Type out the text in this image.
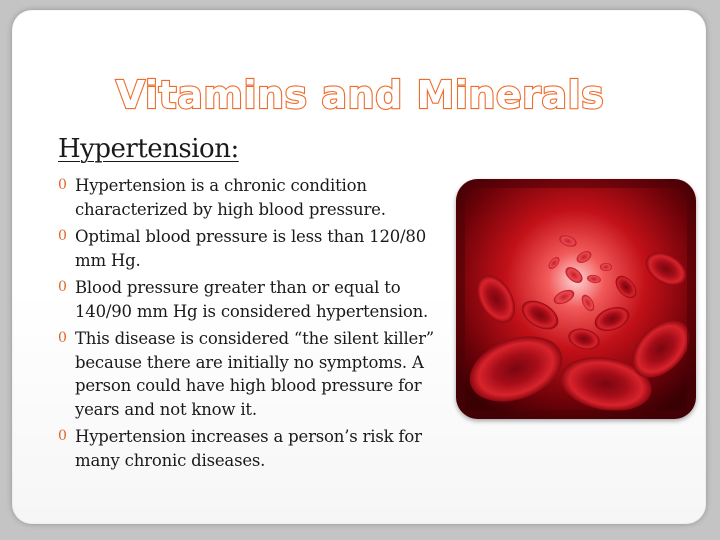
Vitamins and Minerals
Hypertension:
0 Hypertension is a chronic condition characterized by high blood pressure.
0 Optimal blood pressure is less than 120/80 mm Hg.
0 Blood pressure greater than or equal to 140/90 mm Hg is considered hypertension.
0 This disease is considered “the silent killer” because there are initially no symptoms. A person could have high blood pressure for years and not know it.
0 Hypertension increases a person’s risk for many chronic diseases.
